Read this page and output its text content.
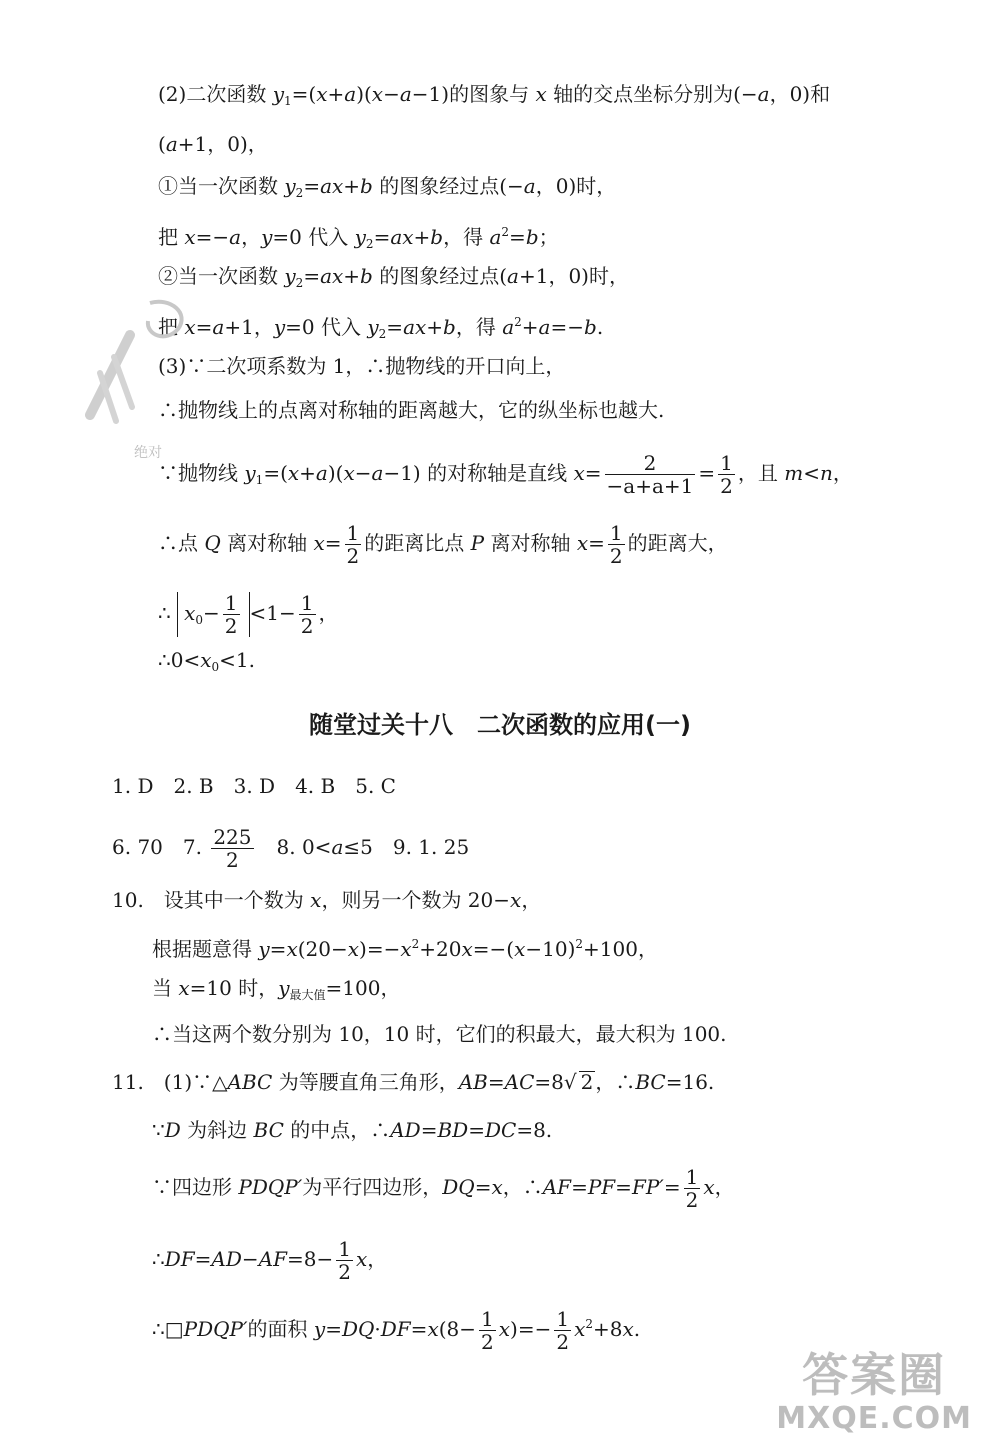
(2)二次函数 $y_1=(x+a)(x-a-1)$的图象与 x 轴的交点坐标分别为(−a，0)和
(a+1，0)，
①当一次函数 $y_2=ax+b$ 的图象经过点(−a，0)时，
把 x=−a，y=0 代入 $y_2=ax+b$，得 $a^2=b$；
②当一次函数 $y_2=ax+b$ 的图象经过点(a+1，0)时，
把 x=a+1，y=0 代入 $y_2=ax+b$，得 $a^2+a=-b$.
(3)∵二次项系数为 1，∴抛物线的开口向上，
∴抛物线上的点离对称轴的距离越大，它的纵坐标也越大.
∵抛物线 $y_1=(x+a)(x-a-1)$ 的对称轴是直线 $x= \frac{2}{-a+a+1} = \frac{1}{2}$ ，且 m<n，
∴点 Q 离对称轴 $x= \frac{1}{2}$ 的距离比点 P 离对称轴 $x= \frac{1}{2}$ 的距离大，
∴ $x_0- \frac{1}{2} <1- \frac{1}{2}$ ，
$\therefore 0<x_0<1$.
随堂过关十八　二次函数的应用(一)
1. D　2. B　3. D　4. B　5. C
6. 70　7. $\frac{225}{2}$ 　8. 0<a≤5　9. 1. 25
10.　设其中一个数为 x，则另一个数为 20−x，
根据题意得 $y=x(20-x)=-x^2+20x=-(x-10)^2+100$，
当 x=10 时，$y_{最大值}=100$，
∴当这两个数分别为 10，10 时，它们的积最大，最大积为 100.
11.　(1)∵△ABC 为等腰直角三角形，AB=AC=8√ 2 ，∴BC=16.
∵D 为斜边 BC 的中点，∴AD=BD=DC=8.
∵四边形 PDQP′为平行四边形，DQ=x，∴AF=PF=FP′= $\frac{1}{2}$ x，
∴DF=AD−AF=8− $\frac{1}{2}$ x，
∴□PDQP′的面积 $y=DQ\cdot DF=x(8- \frac{1}{2} x)=- \frac{1}{2} x^2+8x$.
绝对
答案圈
MXQE.COM
